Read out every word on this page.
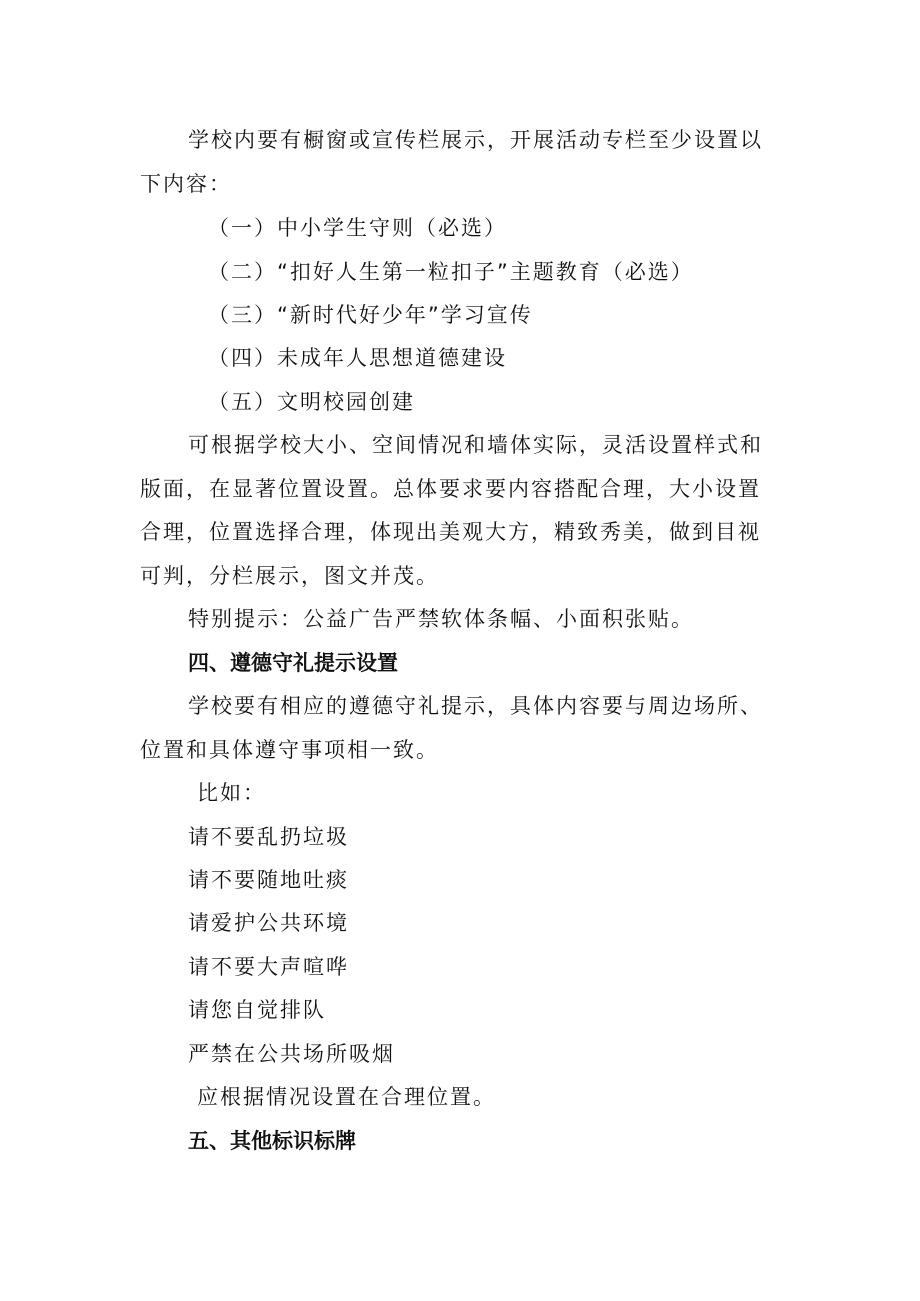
学校内要有橱窗或宣传栏展示，开展活动专栏至少设置以
下内容：
（一）中小学生守则（必选）
（二）“扣好人生第一粒扣子”主题教育（必选）
（三）“新时代好少年”学习宣传
（四）未成年人思想道德建设
（五）文明校园创建
可根据学校大小、空间情况和墙体实际，灵活设置样式和
版面，在显著位置设置。总体要求要内容搭配合理，大小设置
合理，位置选择合理，体现出美观大方，精致秀美，做到目视
可判，分栏展示，图文并茂。
特别提示：公益广告严禁软体条幅、小面积张贴。
四、遵德守礼提示设置
学校要有相应的遵德守礼提示，具体内容要与周边场所、
位置和具体遵守事项相一致。
比如：
请不要乱扔垃圾
请不要随地吐痰
请爱护公共环境
请不要大声喧哗
请您自觉排队
严禁在公共场所吸烟
应根据情况设置在合理位置。
五、其他标识标牌
